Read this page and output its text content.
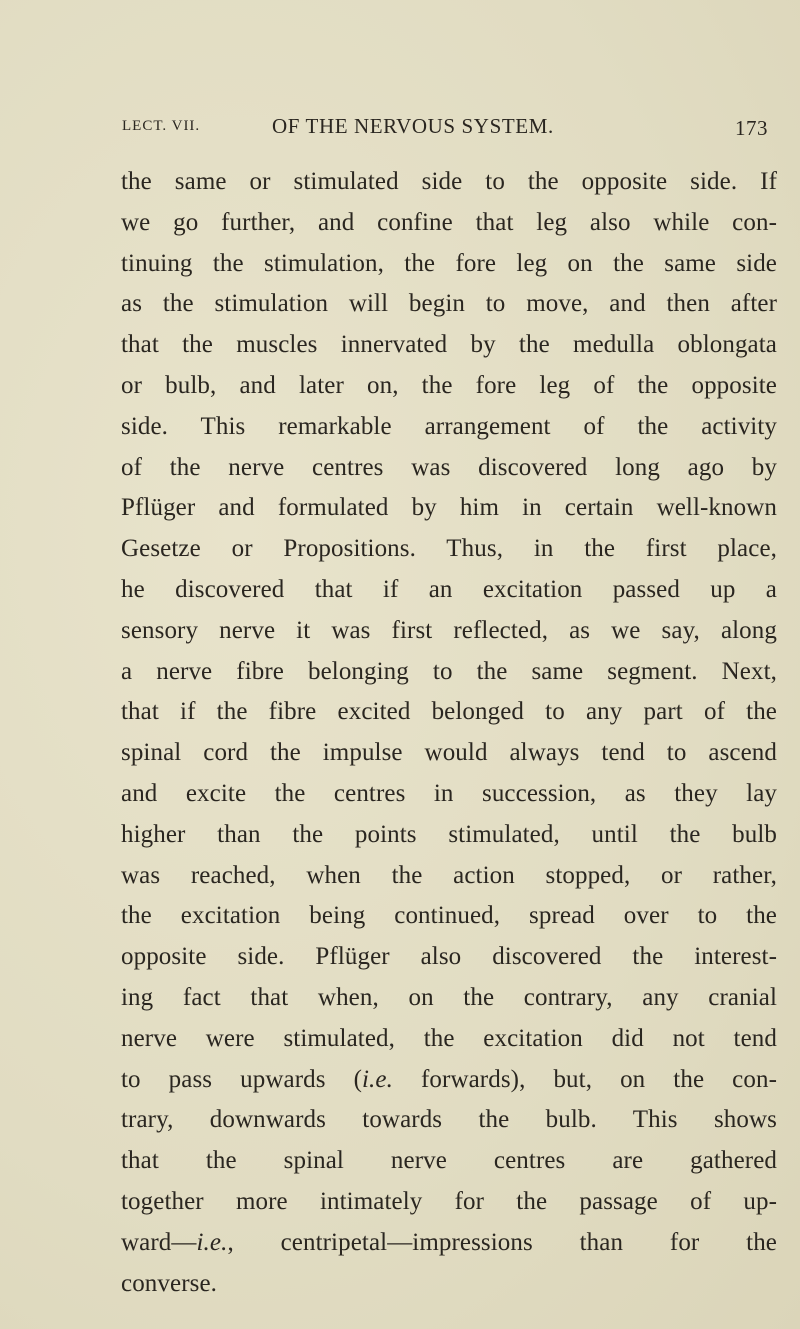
LECT. VII.	OF THE NERVOUS SYSTEM.	173
the same or stimulated side to the opposite side. If
we go further, and confine that leg also while con-
tinuing the stimulation, the fore leg on the same side
as the stimulation will begin to move, and then after
that the muscles innervated by the medulla oblongata
or bulb, and later on, the fore leg of the opposite
side. This remarkable arrangement of the activity
of the nerve centres was discovered long ago by
Pflüger and formulated by him in certain well-known
Gesetze or Propositions. Thus, in the first place,
he discovered that if an excitation passed up a
sensory nerve it was first reflected, as we say, along
a nerve fibre belonging to the same segment. Next,
that if the fibre excited belonged to any part of the
spinal cord the impulse would always tend to ascend
and excite the centres in succession, as they lay
higher than the points stimulated, until the bulb
was reached, when the action stopped, or rather,
the excitation being continued, spread over to the
opposite side. Pflüger also discovered the interest-
ing fact that when, on the contrary, any cranial
nerve were stimulated, the excitation did not tend
to pass upwards (i.e. forwards), but, on the con-
trary, downwards towards the bulb. This shows
that the spinal nerve centres are gathered
together more intimately for the passage of up-
ward—i.e., centripetal—impressions than for the
converse.
